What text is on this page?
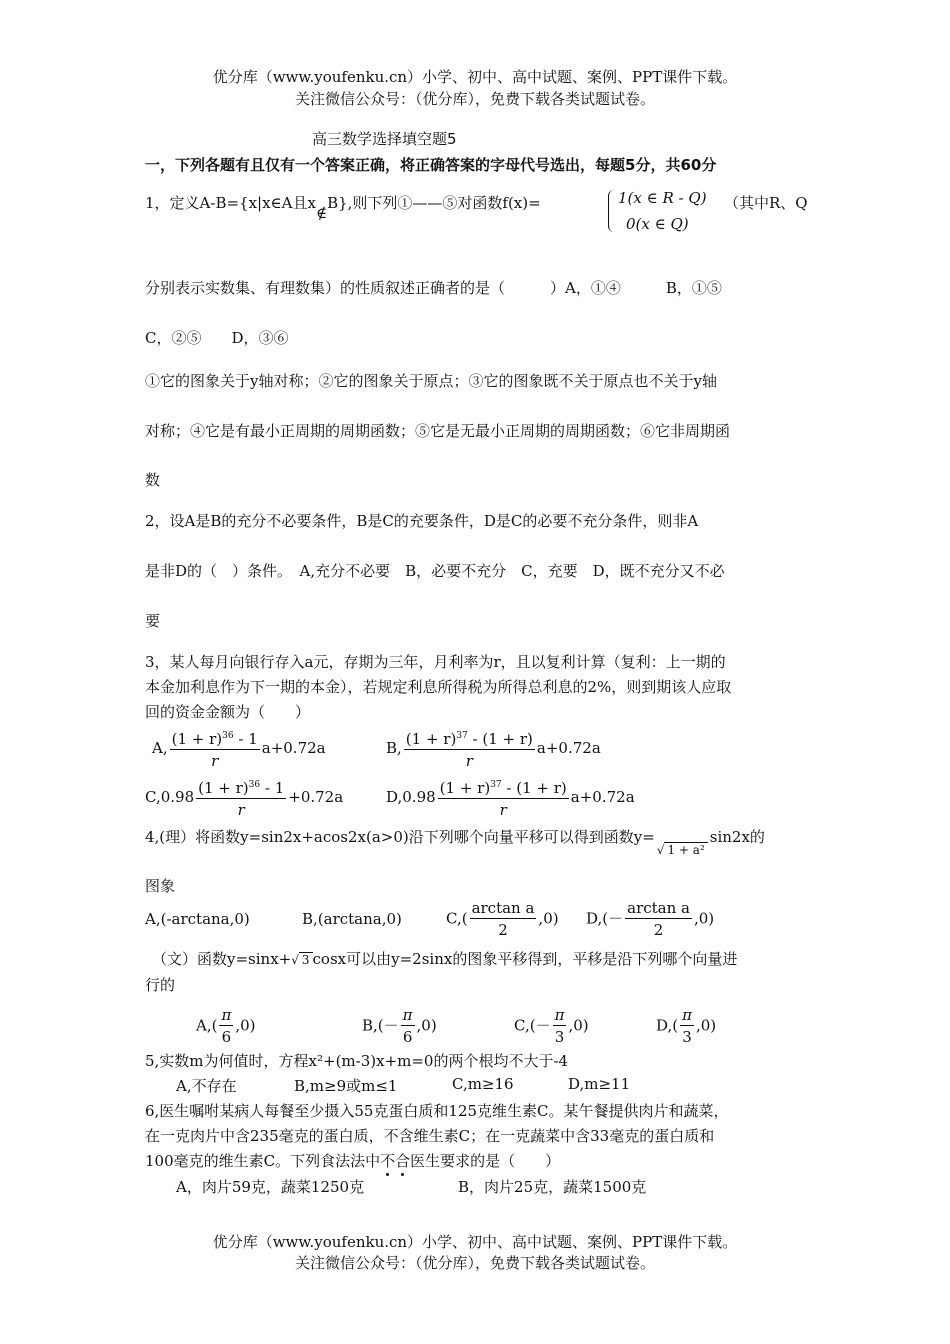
优分库（www.youfenku.cn）小学、初中、高中试题、案例、PPT课件下载。
关注微信公众号：（优分库），免费下载各类试题试卷。
高三数学选择填空题5
一，下列各题有且仅有一个答案正确，将正确答案的字母代号选出，每题5分，共60分
1，定义A-B={x|x∈A且x∉B},则下列①——⑤对函数f(x)=	1(x ∈ R - Q)
0(x ∈ Q)
（其中R、Q
分别表示实数集、有理数集）的性质叙述正确者的是（　　　）A，①④　　　B，①⑤
C，②⑤　　D，③⑥
①它的图象关于y轴对称；②它的图象关于原点；③它的图象既不关于原点也不关于y轴
对称；④它是有最小正周期的周期函数；⑤它是无最小正周期的周期函数；⑥它非周期函
数
2，设A是B的充分不必要条件，B是C的充要条件，D是C的必要不充分条件，则非A
是非D的（　）条件。　A,充分不必要　B，必要不充分　C，充要　D，既不充分又不必
要
3，某人每月向银行存入a元，存期为三年，月利率为r，且以复利计算（复利：上一期的
本金加利息作为下一期的本金），若规定利息所得税为所得总利息的2%，则到期该人应取
回的资金金额为（　　）
A, $\frac{(1 + r)^{36} - 1}{r} a+0.72a$	B, $\frac{(1 + r)^{37} - (1 + r)}{r} a+0.72a$
$C,0.98 \frac{(1 + r)^{36} - 1}{r} +0.72a$	$D,0.98 \frac{(1 + r)^{37} - (1 + r)}{r} a+0.72a$
4,(理）将函数y=sin2x+acos2x(a>0)沿下列哪个向量平移可以得到函数y=√ 1 + a²sin2x的
图象
A,(-arctana,0)	B,(arctana,0)	$C,( \frac{\text{arctan a}}{2} ,0)$ $D,(- \frac{\text{arctan a}}{2} ,0)$
（文）函数y=sinx+√ 3 cosx可以由y=2sinx的图象平移得到，平移是沿下列哪个向量进
行的
$A,( \frac{\pi}{6} ,0)$	$B,(- \frac{\pi}{6} ,0)$	$C,(- \frac{\pi}{3} ,0)$	$D,( \frac{\pi}{3} ,0)$
5,实数m为何值时，方程x²+(m-3)x+m=0的两个根均不大于-4
A,不存在	B,m≥9或m≤1	C,m≥16	D,m≥11
6,医生嘱咐某病人每餐至少摄入55克蛋白质和125克维生素C。某午餐提供肉片和蔬菜，
在一克肉片中含235毫克的蛋白质，不含维生素C；在一克蔬菜中含33毫克的蛋白质和
100毫克的维生素C。下列食法法中不合医生要求的是（　　）
A，肉片59克，蔬菜1250克	B，肉片25克，蔬菜1500克
优分库（www.youfenku.cn）小学、初中、高中试题、案例、PPT课件下载。
关注微信公众号：（优分库），免费下载各类试题试卷。
